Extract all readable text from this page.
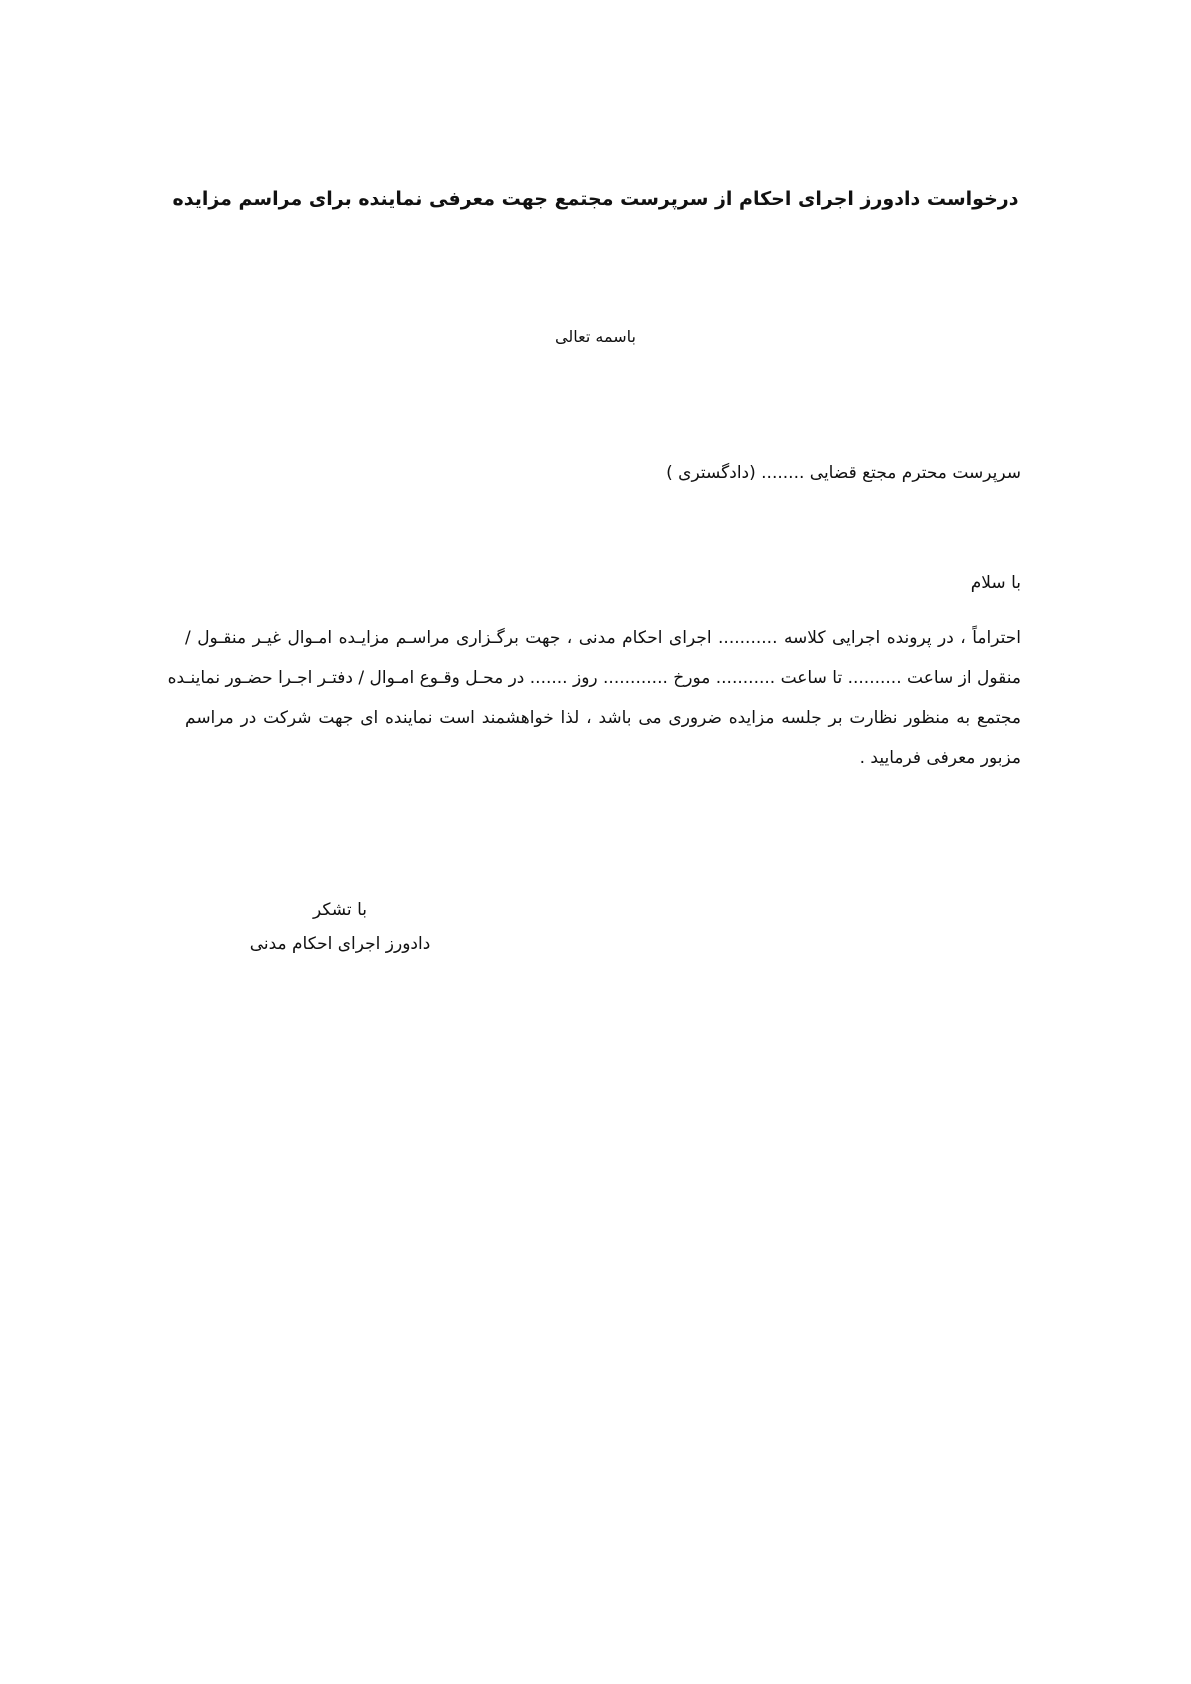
درخواست دادورز اجرای احکام از سرپرست مجتمع جهت معرفی نماینده برای مراسم مزایده
باسمه تعالی
سرپرست محترم مجتع قضایی ........ (دادگستری )
با سلام
احتراماً ، در پرونده اجرایی کلاسه ........... اجرای احکام مدنی ، جهت برگـزاری مراسـم مزایـده امـوال غیـر منقـول /
منقول از ساعت .......... تا ساعت ........... مورخ ............ روز ....... در محـل وقـوع امـوال / دفتـر اجـرا حضـور نماینـده
مجتمع به منظور نظارت بر جلسه مزایده ضروری می باشد ، لذا خواهشمند است نماینده ای جهت شرکت در مراسم
مزبور معرفی فرمایید .
با تشکر
دادورز اجرای احکام مدنی
